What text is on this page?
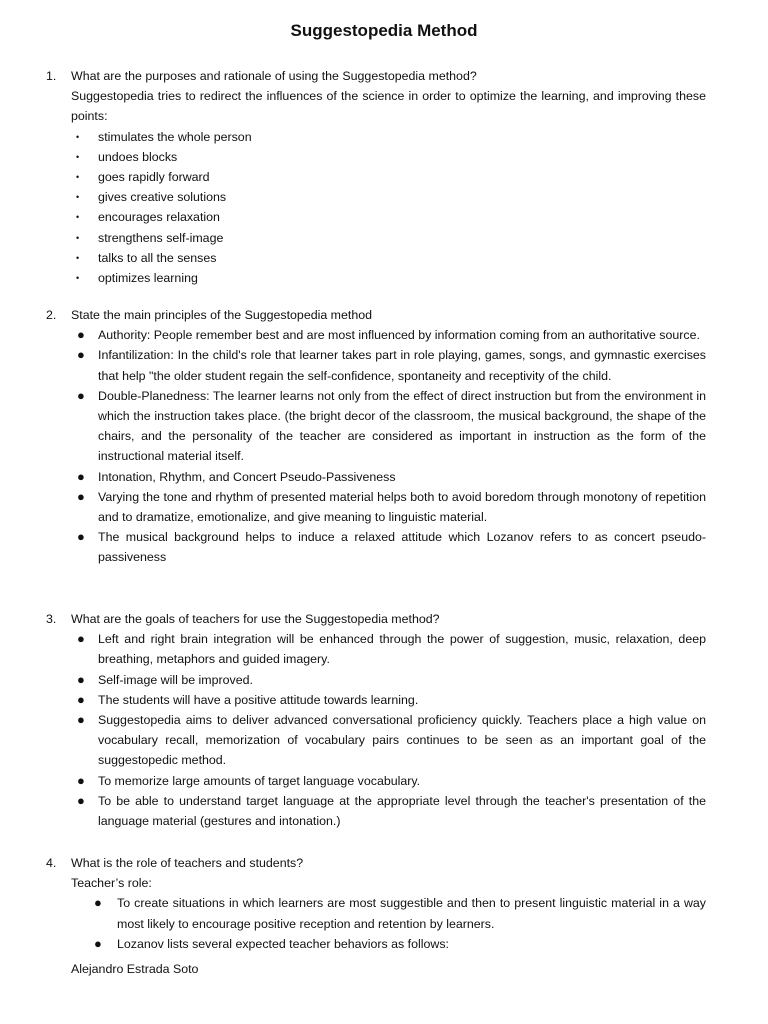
Suggestopedia Method
1. What are the purposes and rationale of using the Suggestopedia method?
Suggestopedia tries to redirect the influences of the science in order to optimize the learning, and improving these points:
• stimulates the whole person
• undoes blocks
• goes rapidly forward
• gives creative solutions
• encourages relaxation
• strengthens self-image
• talks to all the senses
• optimizes learning
2. State the main principles of the Suggestopedia method
● Authority: People remember best and are most influenced by information coming from an authoritative source.
● Infantilization: In the child's role that learner takes part in role playing, games, songs, and gymnastic exercises that help "the older student regain the self-confidence, spontaneity and receptivity of the child.
● Double-Planedness: The learner learns not only from the effect of direct instruction but from the environment in which the instruction takes place. (the bright decor of the classroom, the musical background, the shape of the chairs, and the personality of the teacher are considered as important in instruction as the form of the instructional material itself.
● Intonation, Rhythm, and Concert Pseudo-Passiveness
● Varying the tone and rhythm of presented material helps both to avoid boredom through monotony of repetition and to dramatize, emotionalize, and give meaning to linguistic material.
● The musical background helps to induce a relaxed attitude which Lozanov refers to as concert pseudo-passiveness
3. What are the goals of teachers for use the Suggestopedia method?
● Left and right brain integration will be enhanced through the power of suggestion, music, relaxation, deep breathing, metaphors and guided imagery.
● Self-image will be improved.
● The students will have a positive attitude towards learning.
● Suggestopedia aims to deliver advanced conversational proficiency quickly. Teachers place a high value on vocabulary recall, memorization of vocabulary pairs continues to be seen as an important goal of the suggestopedic method.
● To memorize large amounts of target language vocabulary.
● To be able to understand target language at the appropriate level through the teacher's presentation of the language material (gestures and intonation.)
4. What is the role of teachers and students?
Teacher’s role:
● To create situations in which learners are most suggestible and then to present linguistic material in a way most likely to encourage positive reception and retention by learners.
● Lozanov lists several expected teacher behaviors as follows:
Alejandro Estrada Soto
